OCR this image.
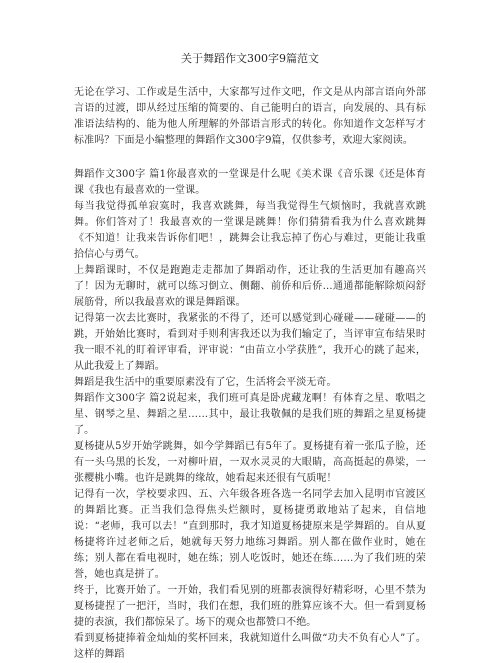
关于舞蹈作文300字9篇范文

无论在学习、工作或是生活中，大家都写过作文吧，作文是从内部言语向外部言语的过渡，即从经过压缩的简要的、自己能明白的语言，向发展的、具有标准语法结构的、能为他人所理解的外部语言形式的转化。你知道作文怎样写才标准吗？下面是小编整理的舞蹈作文300字9篇，仅供参考，欢迎大家阅读。

舞蹈作文300字 篇1你最喜欢的一堂课是什么呢《美术课《音乐课《还是体育课《我也有最喜欢的一堂课。

每当我觉得孤单寂寞时，我喜欢跳舞，每当我觉得生气烦恼时，我就喜欢跳舞。你们答对了！我最喜欢的一堂课是跳舞！你们猜猜看我为什么喜欢跳舞《不知道！让我来告诉你们吧！，跳舞会让我忘掉了伤心与难过，更能让我重拾信心与勇气。

上舞蹈课时，不仅是跑跑走走都加了舞蹈动作，还让我的生活更加有趣高兴了！因为无聊时，就可以练习倒立、侧翻、前侨和后侨…通通都能解除烦闷舒展筋骨，所以我最喜欢的课是舞蹈课。

记得第一次去比赛时，我紧张的不得了，还可以感觉到心碰碰——碰碰——的跳，开始始比赛时，看到对手则利害我还以为我们输定了，当评审宣布结果时我一眼不礼的盯着评审看，评审说：“由苗立小学获胜”，我开心的跳了起来，从此我爱上了舞蹈。

舞蹈是我生活中的重要原素没有了它，生活将会平淡无奇。

舞蹈作文300字 篇2说起来，我们班可真是卧虎藏龙啊！有体育之星、歌唱之星、钢琴之星、舞蹈之星……其中，最让我敬佩的是我们班的舞蹈之星夏杨捷了。

夏杨捷从5岁开始学跳舞，如今学舞蹈已有5年了。夏杨捷有着一张瓜子脸，还有一头乌黑的长发，一对柳叶眉，一双水灵灵的大眼睛，高高挺起的鼻梁，一张樱桃小嘴。也许是跳舞的缘故，她看起来还很有气质呢！

记得有一次，学校要求四、五、六年级各班各选一名同学去加入昆明市官渡区的舞蹈比赛。正当我们急得焦头烂额时，夏杨捷勇敢地站了起来，自信地说：“老师，我可以去！”直到那时，我才知道夏杨捷原来是学舞蹈的。自从夏杨捷将许过老师之后，她就每天努力地练习舞蹈。别人都在做作业时，她在练；别人都在看电视时，她在练；别人吃饭时，她还在练……为了我们班的荣誉，她也真是拼了。

终于，比赛开始了。一开始，我们看见别的班都表演得好精彩呀，心里不禁为夏杨捷捏了一把汗，当时，我们在想，我们班的胜算应该不大。但一看到夏杨捷的表演，我们都惊呆了。场下的观众也都赞口不绝。

看到夏杨捷捧着金灿灿的奖杯回来，我就知道什么叫做“功夫不负有心人”了。这样的舞蹈
